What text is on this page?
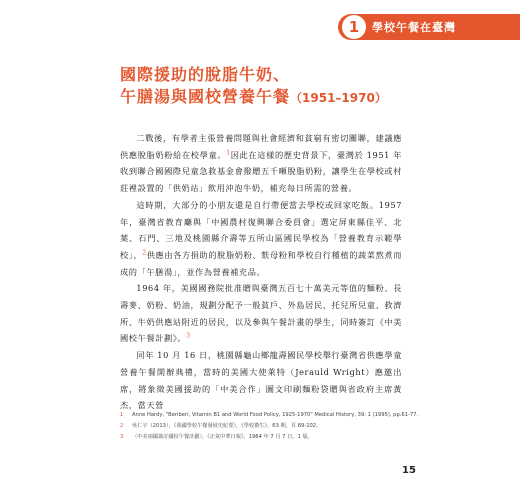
1	學校午餐在臺灣
國際援助的脫脂牛奶、
午膳湯與國校營養午餐（1951–1970）

二戰後，有學者主張營養問題與社會經濟和貧窮有密切關聯，建議應供應脫脂奶粉給在校學童。$^1$因此在這樣的歷史背景下，臺灣於 1951 年收到聯合國國際兒童急救基金會撥贈五千噸脫脂奶粉，讓學生在學校或村莊裡設置的「供奶站」飲用沖泡牛奶，補充每日所需的營養。

這時期，大部分的小朋友還是自行帶便當去學校或回家吃飯。1957 年，臺灣省教育廳與「中國農村復興聯合委員會」選定屏東縣佳平、北葉、石門、三地及桃園縣介壽等五所山區國民學校為「營養教育示範學校」，$^2$供應由各方捐助的脫脂奶粉、麩母粉和學校自行種植的蔬菜熬煮而成的「午膳湯」，並作為營養補充品。

1964 年，美國國務院批准贈與臺灣五百七十萬美元等值的麵粉、長壽麥、奶粉、奶油，規劃分配予一般貧戶、外島居民、托兒所兒童、救濟所、牛奶供應站附近的居民，以及參與午餐計畫的學生，同時簽訂《中美國校午餐計劃》。$^3$

同年 10 月 16 日，桃園縣龜山鄉龍壽國民學校舉行臺灣省供應學童營養午餐開辦典禮，當時的美國大使萊特（Jerauld Wright）應邀出席，將象徵美國援助的「中美合作」圖文印刷麵粉袋贈與省政府主席黃杰，當天營

1	Anne Hardy, "Beriberi, Vitamin B1 and World Food Policy, 1925-1970" Medical History, 39: 1 (1995), pp.61-77.
2	吳仁宇（2013），《我國學校午餐發展史紀要》，《學校衛生》，63 期，頁 89-102。
3	〈中美兩國簽訂國校午餐計劃〉，《正氣中華日報》，1964 年 7 月 7 日，1 版。
15
